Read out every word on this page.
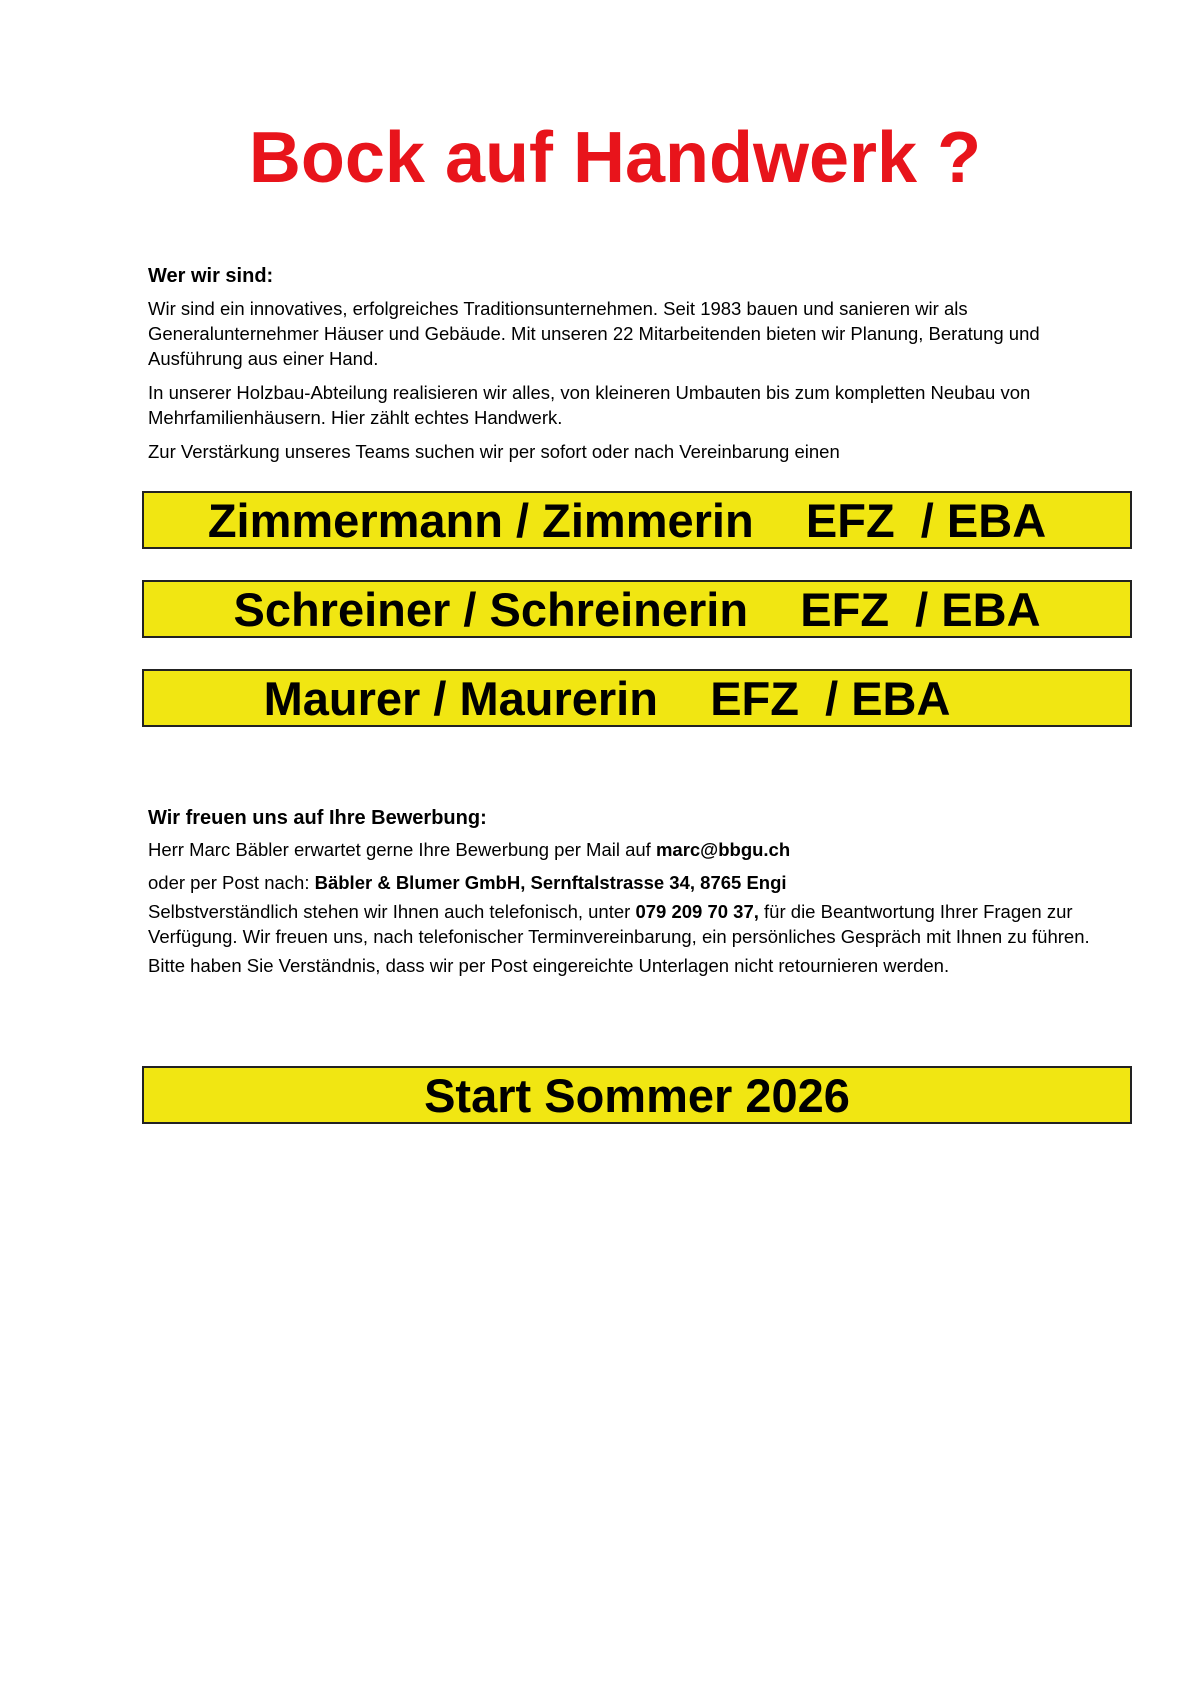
Bock auf Handwerk ?
Wer wir sind:

Wir sind ein innovatives, erfolgreiches Traditionsunternehmen. Seit 1983 bauen und sanieren wir als Generalunternehmer Häuser und Gebäude. Mit unseren 22 Mitarbeitenden bieten wir Planung, Beratung und Ausführung aus einer Hand.

In unserer Holzbau-Abteilung realisieren wir alles, von kleineren Umbauten bis zum kompletten Neubau von Mehrfamilienhäusern. Hier zählt echtes Handwerk.

Zur Verstärkung unseres Teams suchen wir per sofort oder nach Vereinbarung einen

Zimmermann / Zimmerin EFZ  / EBA
Schreiner / Schreinerin EFZ  / EBA
Maurer / Maurerin EFZ  / EBA
Wir freuen uns auf Ihre Bewerbung:

Herr Marc Bäbler erwartet gerne Ihre Bewerbung per Mail auf marc@bbgu.ch

oder per Post nach: Bäbler & Blumer GmbH, Sernftalstrasse 34, 8765 Engi

Selbstverständlich stehen wir Ihnen auch telefonisch, unter 079 209 70 37, für die Beantwortung Ihrer Fragen zur Verfügung. Wir freuen uns, nach telefonischer Terminvereinbarung, ein persönliches Gespräch mit Ihnen zu führen.

Bitte haben Sie Verständnis, dass wir per Post eingereichte Unterlagen nicht retournieren werden.

Start Sommer 2026
